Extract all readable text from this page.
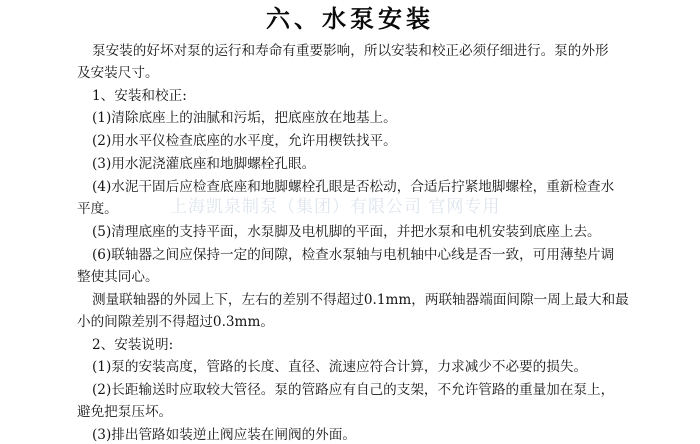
六、水泵安装
泵安装的好坏对泵的运行和寿命有重要影响，所以安装和校正必须仔细进行。泵的外形
及安装尺寸。
1、安装和校正:
(1)清除底座上的油腻和污垢，把底座放在地基上。
(2)用水平仪检查底座的水平度，允许用楔铁找平。
(3)用水泥浇灌底座和地脚螺栓孔眼。
(4)水泥干固后应检查底座和地脚螺栓孔眼是否松动，合适后拧紧地脚螺栓，重新检查水
平度。
(5)清理底座的支持平面，水泵脚及电机脚的平面，并把水泵和电机安装到底座上去。
(6)联轴器之间应保持一定的间隙，检查水泵轴与电机轴中心线是否一致，可用薄垫片调
整使其同心。
测量联轴器的外园上下，左右的差别不得超过0.1mm，两联轴器端面间隙一周上最大和最
小的间隙差别不得超过0.3mm。
2、安装说明:
(1)泵的安装高度，管路的长度、直径、流速应符合计算，力求减少不必要的损失。
(2)长距输送时应取较大管径。泵的管路应有自己的支架，不允许管路的重量加在泵上，
避免把泵压坏。
(3)排出管路如装逆止阀应装在闸阀的外面。
上海凯泉制泵（集团）有限公司 官网专用
